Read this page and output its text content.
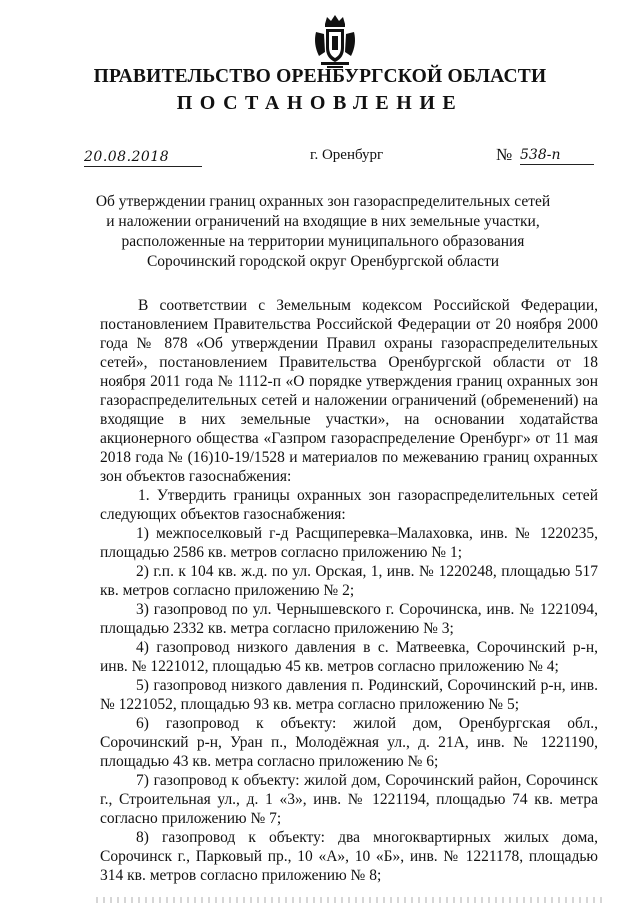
ПРАВИТЕЛЬСТВО ОРЕНБУРГСКОЙ ОБЛАСТИ
ПОСТАНОВЛЕНИЕ
20.08.2018	г. Оренбург	№ 538-п
Об утверждении границ охранных зон газораспределительных сетей
и наложении ограничений на входящие в них земельные участки,
расположенные на территории муниципального образования
Сорочинский городской округ Оренбургской области

В соответствии с Земельным кодексом Российской Федерации, постановлением Правительства Российской Федерации от 20 ноября 2000 года № 878 «Об утверждении Правил охраны газораспределительных сетей», постановлением Правительства Оренбургской области от 18 ноября 2011 года № 1112-п «О порядке утверждения границ охранных зон газораспределительных сетей и наложении ограничений (обременений) на входящие в них земельные участки», на основании ходатайства акционерного общества «Газпром газораспределение Оренбург» от 11 мая 2018 года № (16)10-19/1528 и материалов по межеванию границ охранных зон объектов газоснабжения:

1. Утвердить границы охранных зон газораспределительных сетей следующих объектов газоснабжения:

1) межпоселковый г-д Расщиперевка–Малаховка, инв. № 1220235, площадью 2586 кв. метров согласно приложению № 1;

2) г.п. к 104 кв. ж.д. по ул. Орская, 1, инв. № 1220248, площадью 517 кв. метров согласно приложению № 2;

3) газопровод по ул. Чернышевского г. Сорочинска, инв. № 1221094, площадью 2332 кв. метра согласно приложению № 3;

4) газопровод низкого давления в с. Матвеевка, Сорочинский р-н, инв. № 1221012, площадью 45 кв. метров согласно приложению № 4;

5) газопровод низкого давления п. Родинский, Сорочинский р-н, инв. № 1221052, площадью 93 кв. метра согласно приложению № 5;

6) газопровод к объекту: жилой дом, Оренбургская обл., Сорочинский р-н, Уран п., Молодёжная ул., д. 21А, инв. № 1221190, площадью 43 кв. метра согласно приложению № 6;

7) газопровод к объекту: жилой дом, Сорочинский район, Сорочинск г., Строительная ул., д. 1 «3», инв. № 1221194, площадью 74 кв. метра согласно приложению № 7;

8) газопровод к объекту: два многоквартирных жилых дома, Сорочинск г., Парковый пр., 10 «А», 10 «Б», инв. № 1221178, площадью 314 кв. метров согласно приложению № 8;
